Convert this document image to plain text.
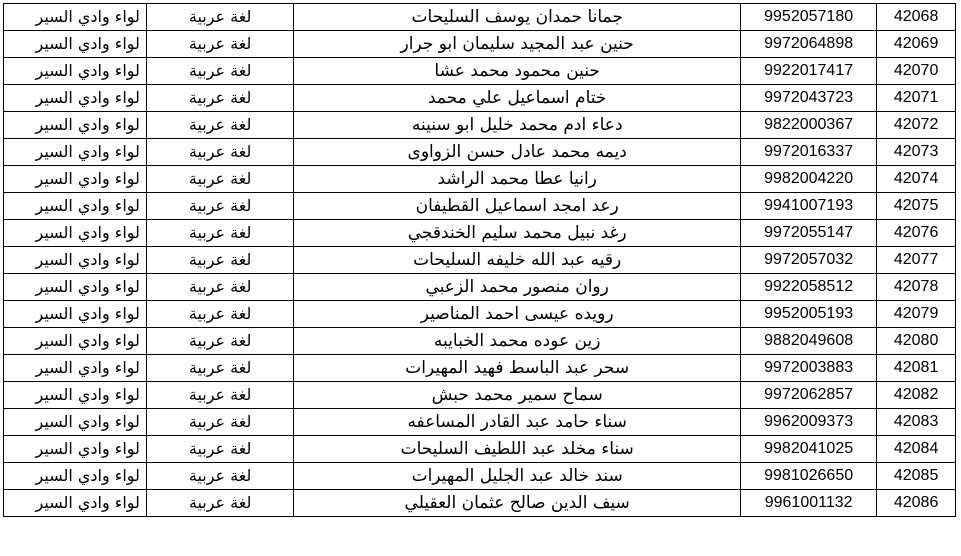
لواء وادي السير	لغة عربية	جمانا حمدان يوسف السليحات	9952057180	42068
لواء وادي السير	لغة عربية	حنين عبد المجيد سليمان ابو جرار	9972064898	42069
لواء وادي السير	لغة عربية	حنين محمود محمد عشا	9922017417	42070
لواء وادي السير	لغة عربية	ختام اسماعيل علي محمد	9972043723	42071
لواء وادي السير	لغة عربية	دعاء ادم محمد خليل ابو سنينه	9822000367	42072
لواء وادي السير	لغة عربية	ديمه محمد عادل حسن الزواوى	9972016337	42073
لواء وادي السير	لغة عربية	رانيا عطا محمد الراشد	9982004220	42074
لواء وادي السير	لغة عربية	رعد امجد اسماعيل القطيفان	9941007193	42075
لواء وادي السير	لغة عربية	رغد نبيل محمد سليم الخندقجي	9972055147	42076
لواء وادي السير	لغة عربية	رقيه عبد الله خليفه السليحات	9972057032	42077
لواء وادي السير	لغة عربية	روان منصور محمد الزعبي	9922058512	42078
لواء وادي السير	لغة عربية	رويده عيسى احمد المناصير	9952005193	42079
لواء وادي السير	لغة عربية	زين عوده محمد الخبايبه	9882049608	42080
لواء وادي السير	لغة عربية	سحر عبد الباسط فهيد المهيرات	9972003883	42081
لواء وادي السير	لغة عربية	سماح سمير محمد حبش	9972062857	42082
لواء وادي السير	لغة عربية	سناء حامد عبد القادر المساعفه	9962009373	42083
لواء وادي السير	لغة عربية	سناء مخلد عبد اللطيف السليحات	9982041025	42084
لواء وادي السير	لغة عربية	سند خالد عبد الجليل المهيرات	9981026650	42085
لواء وادي السير	لغة عربية	سيف الدين صالح عثمان العقيلي	9961001132	42086
